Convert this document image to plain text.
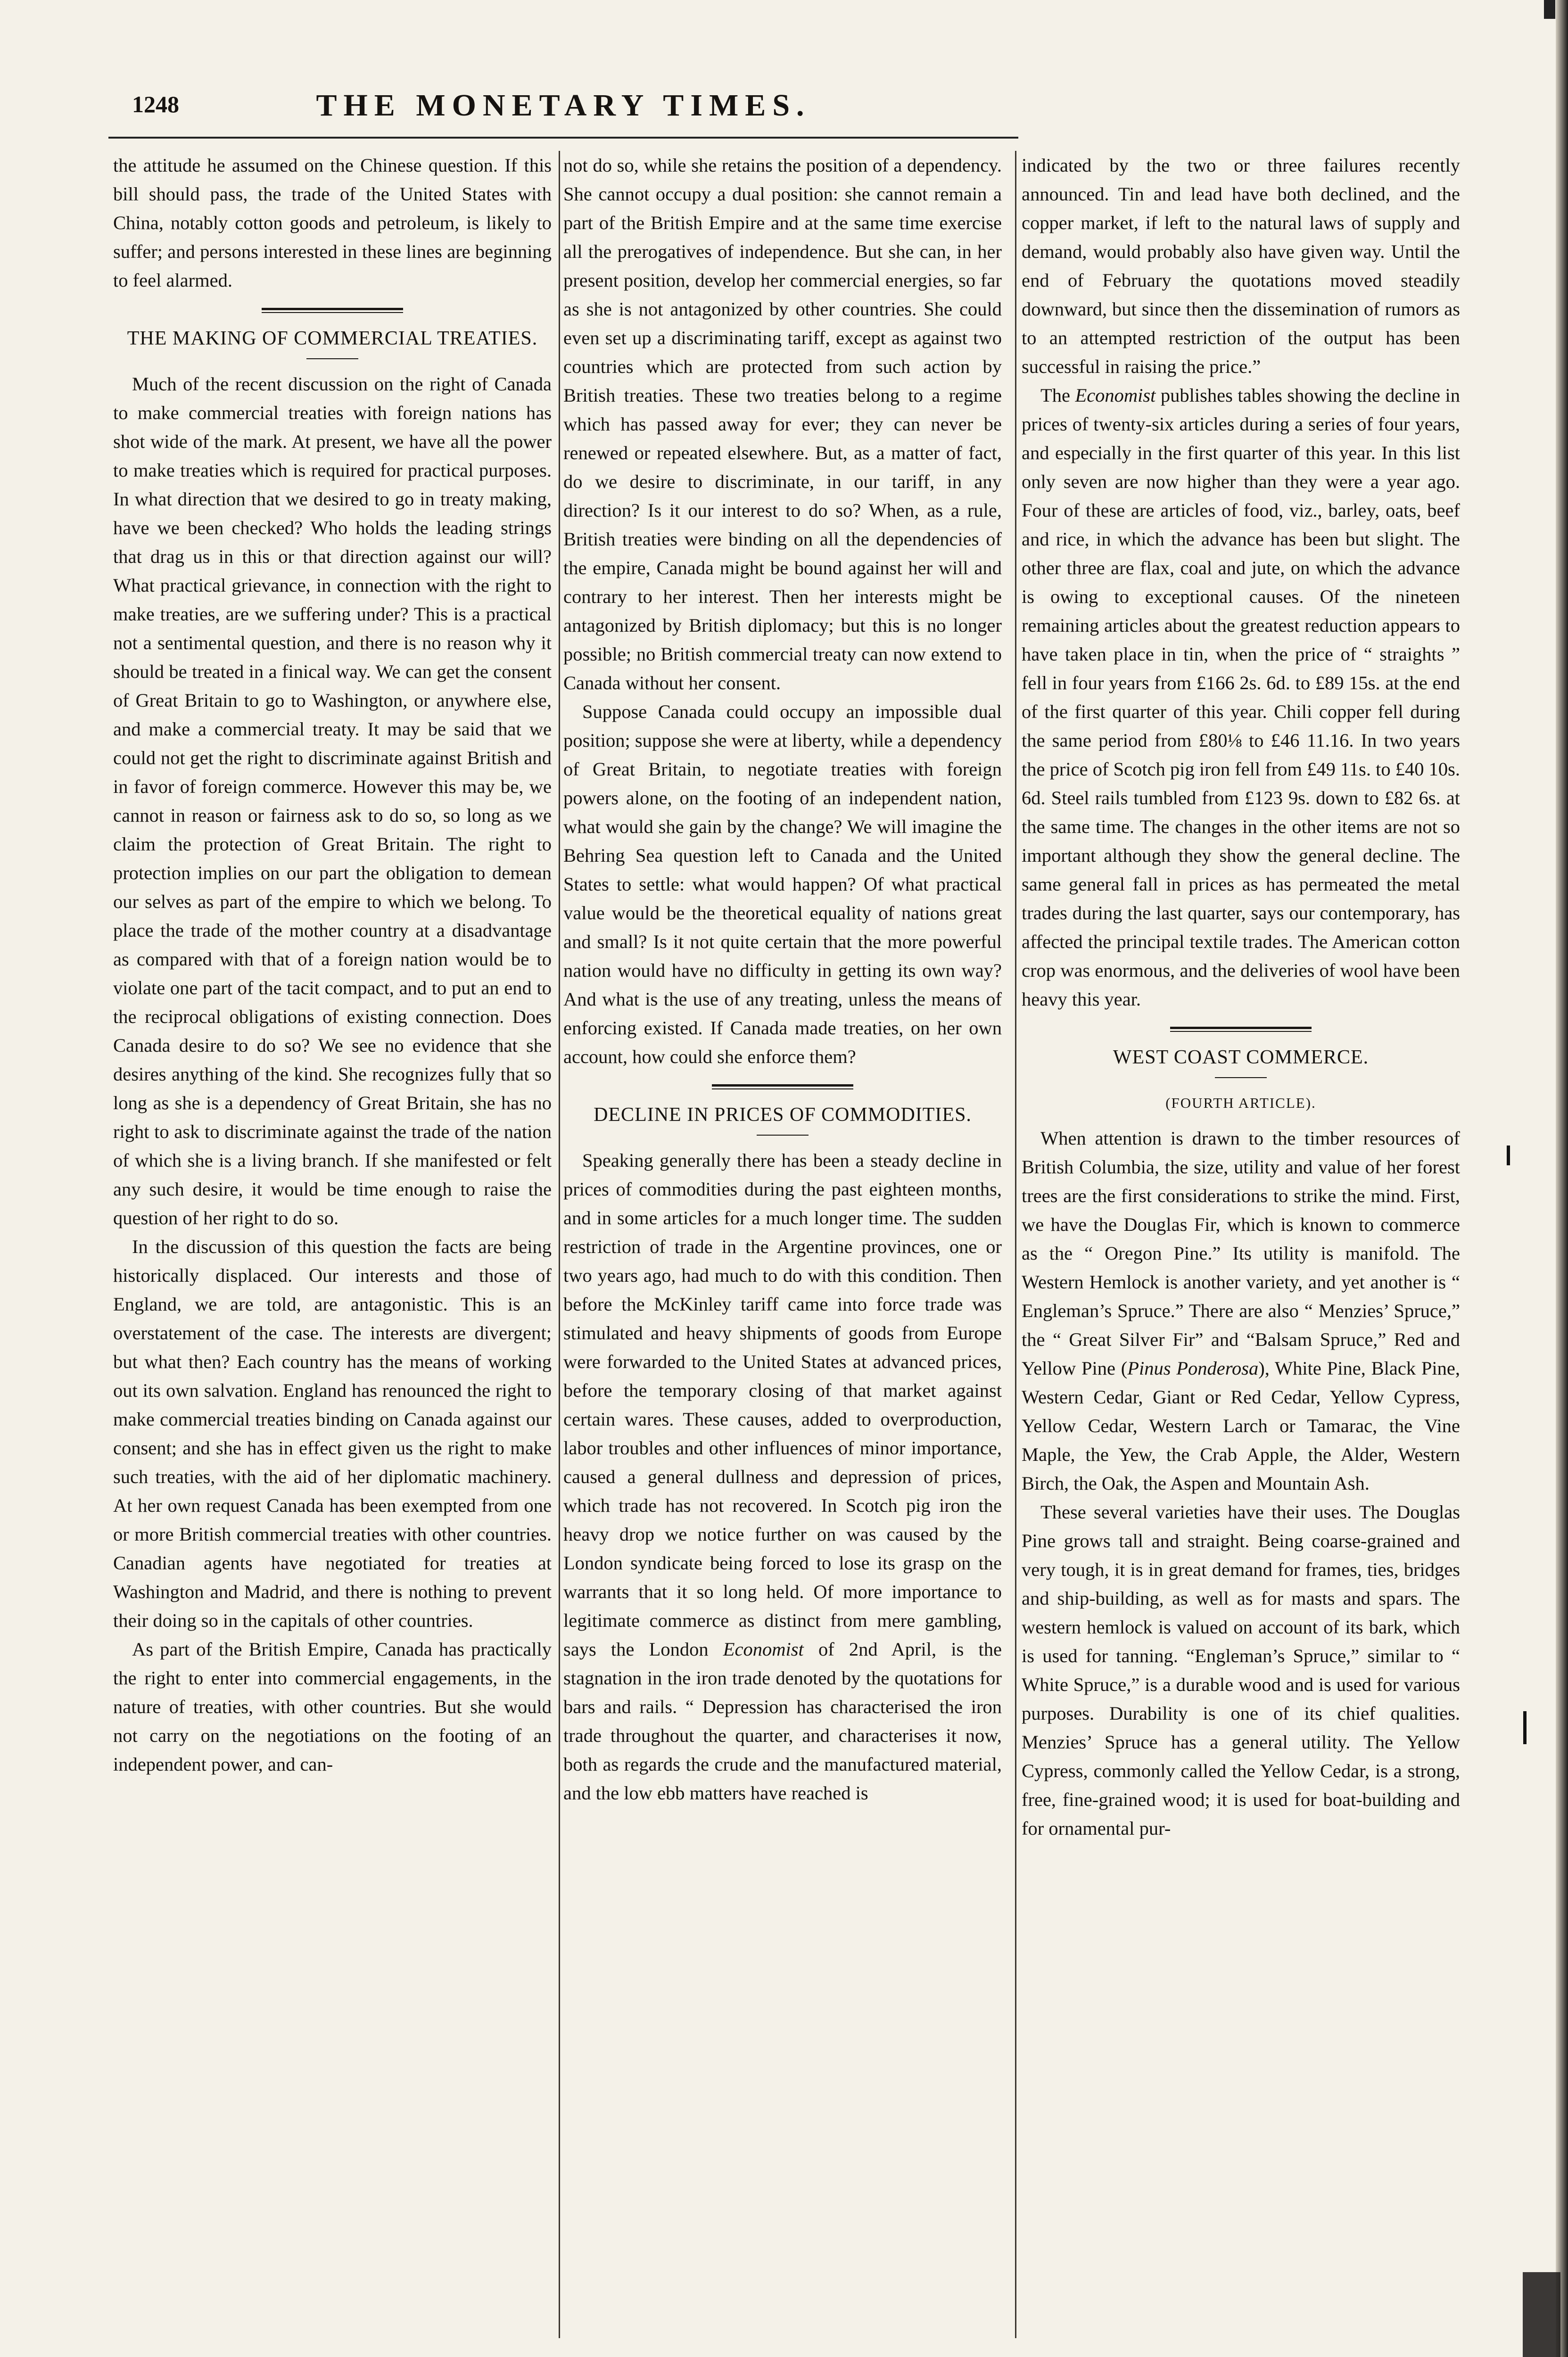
1248	THE MONETARY TIMES.

the attitude he assumed on the Chinese question. If this bill should pass, the trade of the United States with China, notably cotton goods and petroleum, is likely to suffer; and persons interested in these lines are beginning to feel alarmed.

THE MAKING OF COMMERCIAL TREATIES.

Much of the recent discussion on the right of Canada to make commercial treaties with foreign nations has shot wide of the mark. At present, we have all the power to make treaties which is required for practical purposes. In what direction that we desired to go in treaty making, have we been checked? Who holds the leading strings that drag us in this or that direction against our will? What practical grievance, in connection with the right to make treaties, are we suffering under? This is a practical not a sentimental question, and there is no reason why it should be treated in a finical way. We can get the consent of Great Britain to go to Washington, or anywhere else, and make a commercial treaty. It may be said that we could not get the right to discriminate against British and in favor of foreign commerce. However this may be, we cannot in reason or fairness ask to do so, so long as we claim the protection of Great Britain. The right to protection implies on our part the obligation to demean our selves as part of the empire to which we belong. To place the trade of the mother country at a disadvantage as compared with that of a foreign nation would be to violate one part of the tacit compact, and to put an end to the reciprocal obligations of existing connection. Does Canada desire to do so? We see no evidence that she desires anything of the kind. She recognizes fully that so long as she is a dependency of Great Britain, she has no right to ask to discriminate against the trade of the nation of which she is a living branch. If she manifested or felt any such desire, it would be time enough to raise the question of her right to do so.

In the discussion of this question the facts are being historically displaced. Our interests and those of England, we are told, are antagonistic. This is an overstatement of the case. The interests are divergent; but what then? Each country has the means of working out its own salvation. England has renounced the right to make commercial treaties binding on Canada against our consent; and she has in effect given us the right to make such treaties, with the aid of her diplomatic machinery. At her own request Canada has been exempted from one or more British commercial treaties with other countries. Canadian agents have negotiated for treaties at Washington and Madrid, and there is nothing to prevent their doing so in the capitals of other countries.

As part of the British Empire, Canada has practically the right to enter into commercial engagements, in the nature of treaties, with other countries. But she would not carry on the negotiations on the footing of an independent power, and can-

not do so, while she retains the position of a dependency. She cannot occupy a dual position: she cannot remain a part of the British Empire and at the same time exercise all the prerogatives of independence. But she can, in her present position, develop her commercial energies, so far as she is not antagonized by other countries. She could even set up a discriminating tariff, except as against two countries which are protected from such action by British treaties. These two treaties belong to a regime which has passed away for ever; they can never be renewed or repeated elsewhere. But, as a matter of fact, do we desire to discriminate, in our tariff, in any direction? Is it our interest to do so? When, as a rule, British treaties were binding on all the dependencies of the empire, Canada might be bound against her will and contrary to her interest. Then her interests might be antagonized by British diplomacy; but this is no longer possible; no British commercial treaty can now extend to Canada without her consent.

Suppose Canada could occupy an impossible dual position; suppose she were at liberty, while a dependency of Great Britain, to negotiate treaties with foreign powers alone, on the footing of an independent nation, what would she gain by the change? We will imagine the Behring Sea question left to Canada and the United States to settle: what would happen? Of what practical value would be the theoretical equality of nations great and small? Is it not quite certain that the more powerful nation would have no difficulty in getting its own way? And what is the use of any treating, unless the means of enforcing existed. If Canada made treaties, on her own account, how could she enforce them?

DECLINE IN PRICES OF COMMODITIES.

Speaking generally there has been a steady decline in prices of commodities during the past eighteen months, and in some articles for a much longer time. The sudden restriction of trade in the Argentine provinces, one or two years ago, had much to do with this condition. Then before the McKinley tariff came into force trade was stimulated and heavy shipments of goods from Europe were forwarded to the United States at advanced prices, before the temporary closing of that market against certain wares. These causes, added to overproduction, labor troubles and other influences of minor importance, caused a general dullness and depression of prices, which trade has not recovered. In Scotch pig iron the heavy drop we notice further on was caused by the London syndicate being forced to lose its grasp on the warrants that it so long held. Of more importance to legitimate commerce as distinct from mere gambling, says the London Economist of 2nd April, is the stagnation in the iron trade denoted by the quotations for bars and rails. “ Depression has characterised the iron trade throughout the quarter, and characterises it now, both as regards the crude and the manufactured material, and the low ebb matters have reached is

indicated by the two or three failures recently announced. Tin and lead have both declined, and the copper market, if left to the natural laws of supply and demand, would probably also have given way. Until the end of February the quotations moved steadily downward, but since then the dissemination of rumors as to an attempted restriction of the output has been successful in raising the price.”

The Economist publishes tables showing the decline in prices of twenty-six articles during a series of four years, and especially in the first quarter of this year. In this list only seven are now higher than they were a year ago. Four of these are articles of food, viz., barley, oats, beef and rice, in which the advance has been but slight. The other three are flax, coal and jute, on which the advance is owing to exceptional causes. Of the nineteen remaining articles about the greatest reduction appears to have taken place in tin, when the price of “ straights ” fell in four years from £166 2s. 6d. to £89 15s. at the end of the first quarter of this year. Chili copper fell during the same period from £80⅛ to £46 11.16. In two years the price of Scotch pig iron fell from £49 11s. to £40 10s. 6d. Steel rails tumbled from £123 9s. down to £82 6s. at the same time. The changes in the other items are not so important although they show the general decline. The same general fall in prices as has permeated the metal trades during the last quarter, says our contemporary, has affected the principal textile trades. The American cotton crop was enormous, and the deliveries of wool have been heavy this year.

WEST COAST COMMERCE.
(FOURTH ARTICLE).

When attention is drawn to the timber resources of British Columbia, the size, utility and value of her forest trees are the first considerations to strike the mind. First, we have the Douglas Fir, which is known to commerce as the “ Oregon Pine.” Its utility is manifold. The Western Hemlock is another variety, and yet another is “ Engleman’s Spruce.” There are also “ Menzies’ Spruce,” the “ Great Silver Fir” and “Balsam Spruce,” Red and Yellow Pine (Pinus Ponderosa), White Pine, Black Pine, Western Cedar, Giant or Red Cedar, Yellow Cypress, Yellow Cedar, Western Larch or Tamarac, the Vine Maple, the Yew, the Crab Apple, the Alder, Western Birch, the Oak, the Aspen and Mountain Ash.

These several varieties have their uses. The Douglas Pine grows tall and straight. Being coarse-grained and very tough, it is in great demand for frames, ties, bridges and ship-building, as well as for masts and spars. The western hemlock is valued on account of its bark, which is used for tanning. “Engleman’s Spruce,” similar to “ White Spruce,” is a durable wood and is used for various purposes. Durability is one of its chief qualities. Menzies’ Spruce has a general utility. The Yellow Cypress, commonly called the Yellow Cedar, is a strong, free, fine-grained wood; it is used for boat-building and for ornamental pur-
